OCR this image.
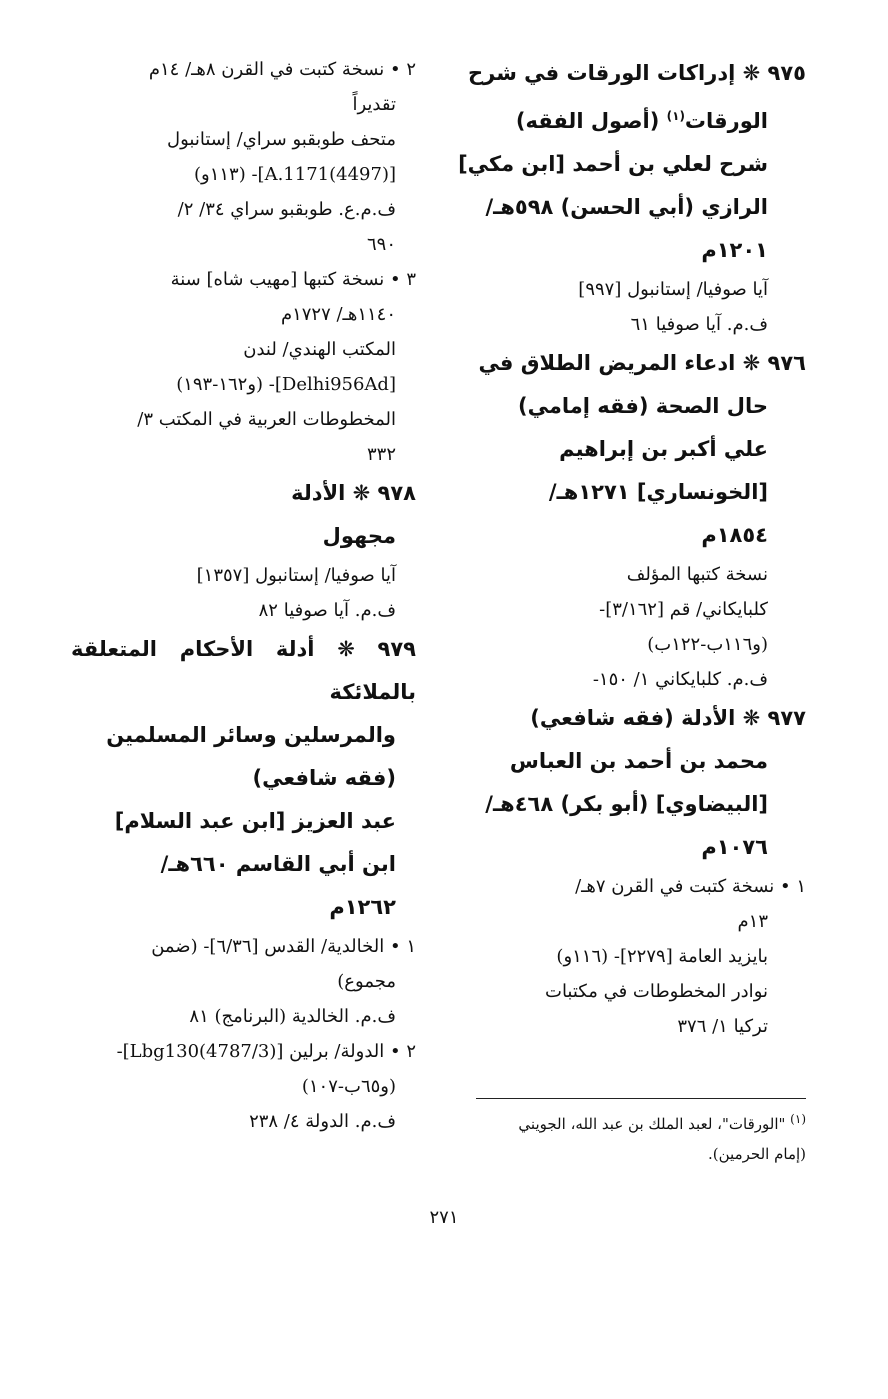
٩٧٥ ❋ إدراكات الورقات في شرح
الورقات$^{(١)}$ (أصول الفقه)
شرح لعلي بن أحمد [ابن مكي]
الرازي (أبي الحسن) ٥٩٨هـ/
١٢٠١م
آيا صوفيا/ إستانبول [٩٩٧]
ف.م. آيا صوفيا ٦١
٩٧٦ ❋ ادعاء المريض الطلاق في
حال الصحة (فقه إمامي)
علي أكبر بن إبراهيم
[الخونساري] ١٢٧١هـ/
١٨٥٤م
نسخة كتبها المؤلف
كلبايكاني/ قم [٣/١٦٢]-
(و١١٦ب-١٢٢ب)
ف.م. كلبايكاني ١/ ١٥٠-
٩٧٧ ❋ الأدلة (فقه شافعي)
محمد بن أحمد بن العباس
[البيضاوي] (أبو بكر) ٤٦٨هـ/
١٠٧٦م
١ • نسخة كتبت في القرن ٧هـ/
١٣م
بايزيد العامة [٢٢٧٩]- (١١٦و)
نوادر المخطوطات في مكتبات
تركيا ١/ ٣٧٦
٢ • نسخة كتبت في القرن ٨هـ/ ١٤م
تقديراً
متحف طوبقبو سراي/ إستانبول
[A.1171(4497)]- (١١٣و)
ف.م.ع. طوبقبو سراي ٣٤/ ٢/
٦٩٠
٣ • نسخة كتبها [مهيب شاه] سنة
١١٤٠هـ/ ١٧٢٧م
المكتب الهندي/ لندن
[Delhi956Ad]- (و١٦٢-١٩٣)
المخطوطات العربية في المكتب ٣/
٣٣٢
٩٧٨ ❋ الأدلة
مجهول
آيا صوفيا/ إستانبول [١٣٥٧]
ف.م. آيا صوفيا ٨٢
٩٧٩ ❋ أدلة الأحكام المتعلقة بالملائكة
والمرسلين وسائر المسلمين
(فقه شافعي)
عبد العزيز [ابن عبد السلام]
ابن أبي القاسم ٦٦٠هـ/
١٢٦٢م
١ • الخالدية/ القدس [٦/٣٦]- (ضمن
مجموع)
ف.م. الخالدية (البرنامج) ٨١
٢ • الدولة/ برلين [Lbg130(4787/3)]-
(و٦٥ب-١٠٧)
ف.م. الدولة ٤/ ٢٣٨	$^{(١)}$ "الورقات"، لعبد الملك بن عبد الله، الجويني
(إمام الحرمين).
٢٧١
